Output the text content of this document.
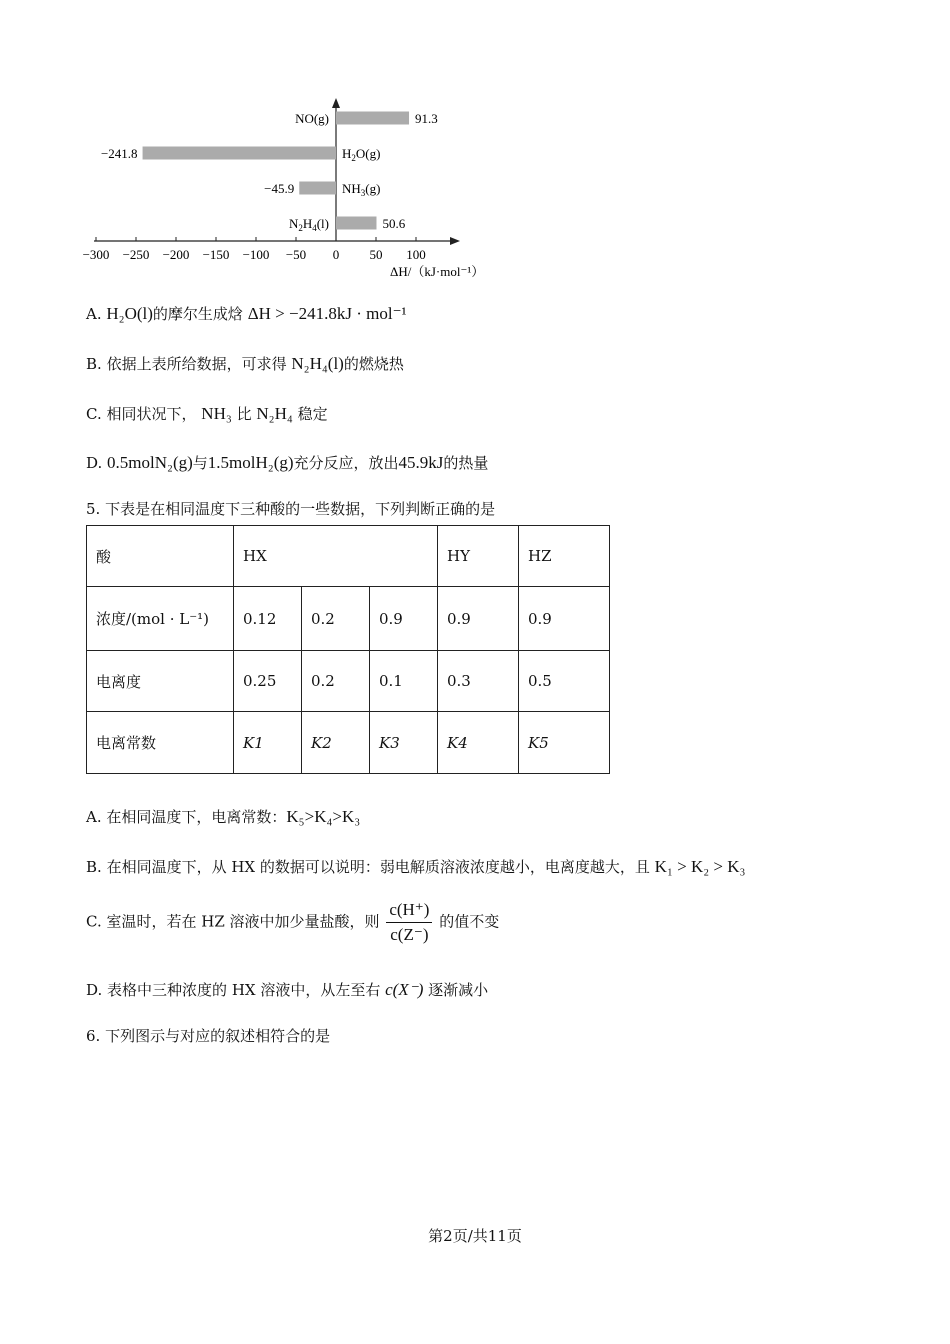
91.3
NO(g)
−241.8	H2O(g)
−45.9	NH3(g)
50.6
N2H4(l)
−300 −250 −200 −150 −100 −50 0 50 100
ΔH/（kJ·mol⁻¹）
A. H₂O(l)的摩尔生成焓 ΔH > −241.8kJ · mol⁻¹
B. 依据上表所给数据，可求得 N₂H₄(l)的燃烧热
C. 相同状况下， NH₃ 比 N₂H₄ 稳定
D. 0.5molN₂(g)与1.5molH₂(g)充分反应，放出45.9kJ的热量
5. 下表是在相同温度下三种酸的一些数据，下列判断正确的是
酸	HX			HY	HZ
浓度/(mol · L⁻¹)	0.12	0.2	0.9	0.9	0.9
电离度	0.25	0.2	0.1	0.3	0.5
电离常数	K1	K2	K3	K4	K5
A. 在相同温度下，电离常数：K₅>K₄>K₃
B. 在相同温度下，从 HX 的数据可以说明：弱电解质溶液浓度越小，电离度越大，且 K₁ > K₂ > K₃
C. 室温时，若在 HZ 溶液中加少量盐酸，则 $\frac{c(H^+)}{c(Z^-)}$ 的值不变
D. 表格中三种浓度的 HX 溶液中，从左至右 c(X⁻) 逐渐减小
6. 下列图示与对应的叙述相符合的是
第2页/共11页
